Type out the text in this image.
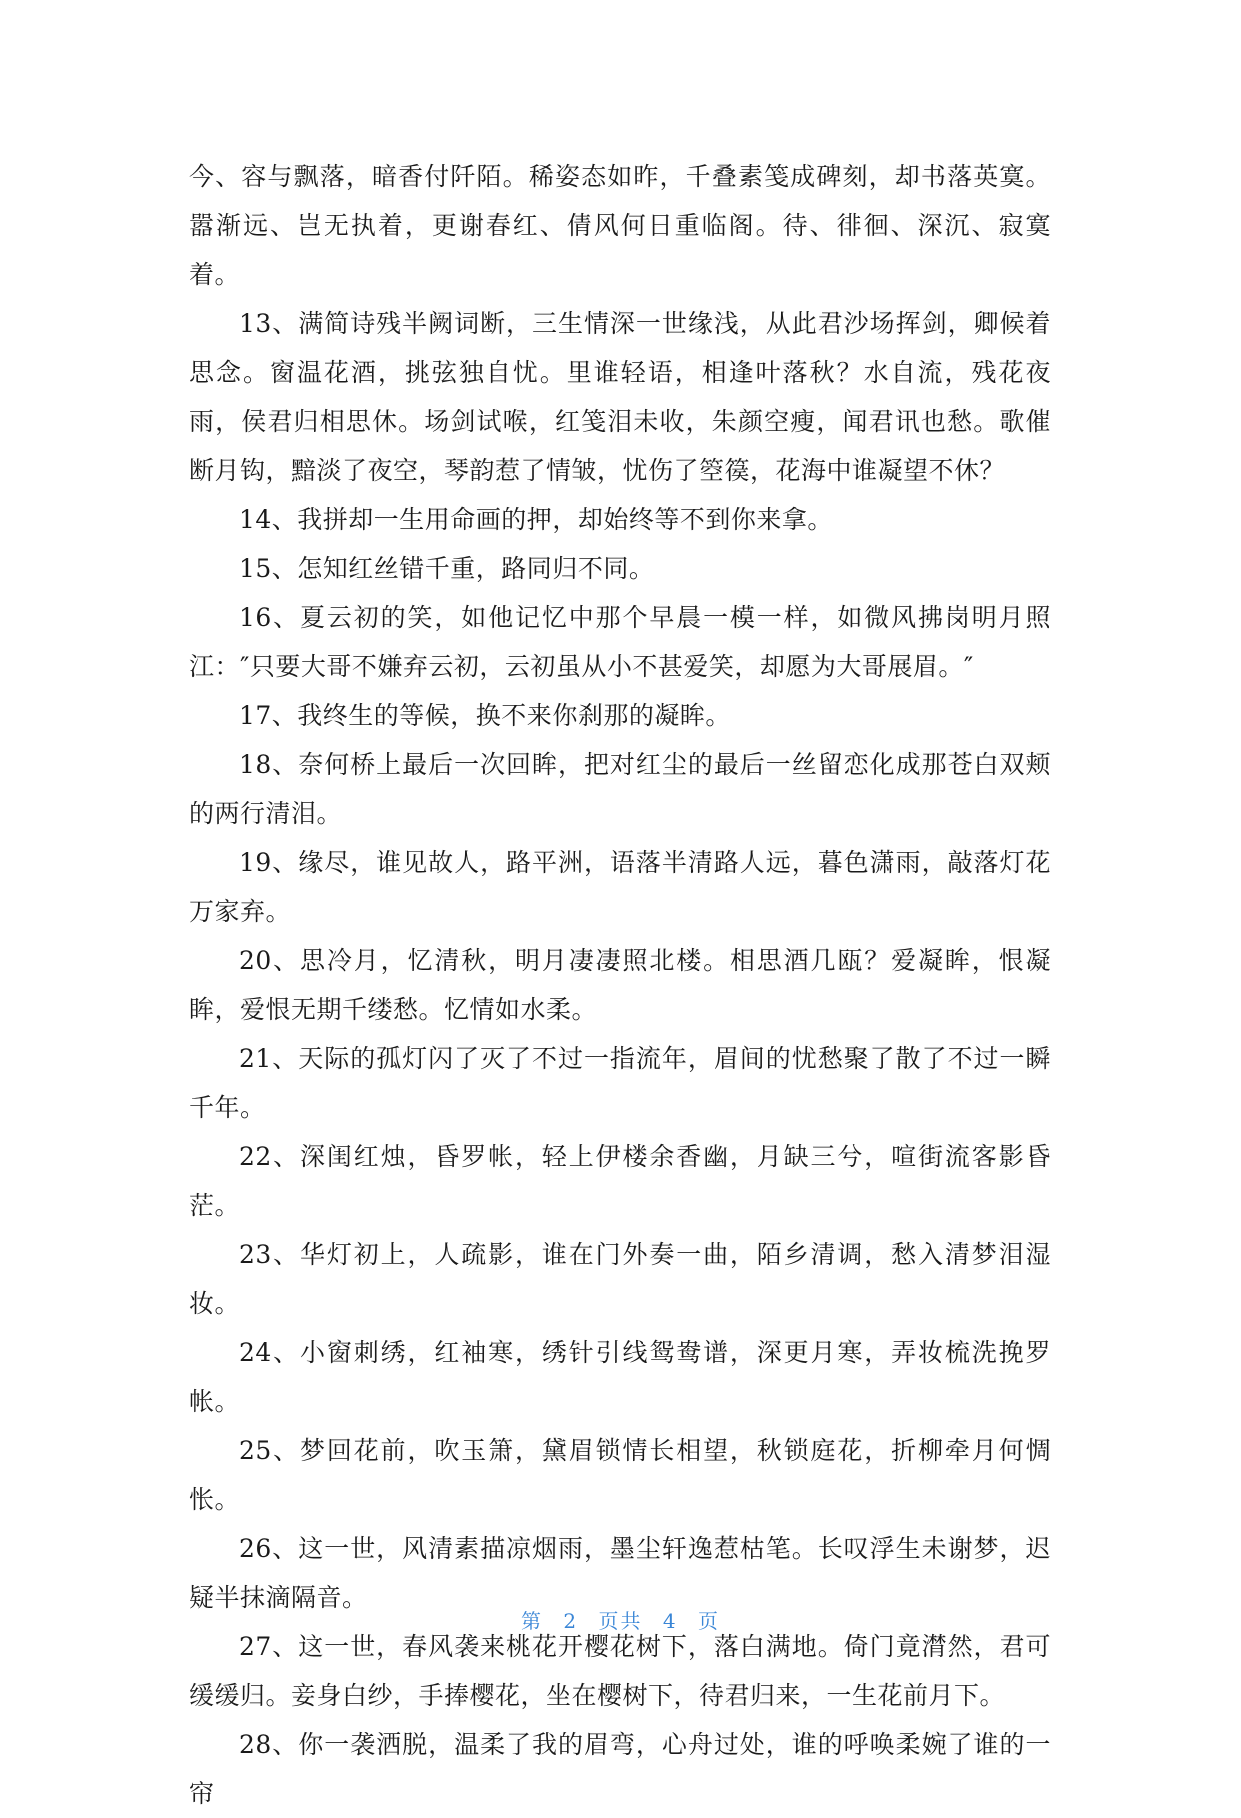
今、容与飘落，暗香付阡陌。稀姿态如昨，千叠素笺成碑刻，却书落英寞。嚣渐远、岂无执着，更谢春红、倩风何日重临阁。待、徘徊、深沉、寂寞着。

13、满简诗残半阙词断，三生情深一世缘浅，从此君沙场挥剑，卿候着思念。窗温花酒，挑弦独自忧。里谁轻语，相逢叶落秋？水自流，残花夜雨，侯君归相思休。场剑试喉，红笺泪未收，朱颜空瘦，闻君讯也愁。歌催断月钩，黯淡了夜空，琴韵惹了情皱，忧伤了箜篌，花海中谁凝望不休？

14、我拼却一生用命画的押，却始终等不到你来拿。

15、怎知红丝错千重，路同归不同。

16、夏云初的笑，如他记忆中那个早晨一模一样，如微风拂岗明月照江：″只要大哥不嫌弃云初，云初虽从小不甚爱笑，却愿为大哥展眉。″

17、我终生的等候，换不来你刹那的凝眸。

18、奈何桥上最后一次回眸，把对红尘的最后一丝留恋化成那苍白双颊的两行清泪。

19、缘尽，谁见故人，路平洲，语落半清路人远，暮色潇雨，敲落灯花万家弃。

20、思冷月，忆清秋，明月凄凄照北楼。相思酒几瓯？爱凝眸，恨凝眸，爱恨无期千缕愁。忆情如水柔。

21、天际的孤灯闪了灭了不过一指流年，眉间的忧愁聚了散了不过一瞬千年。

22、深闺红烛，昏罗帐，轻上伊楼余香幽，月缺三兮，喧街流客影昏茫。

23、华灯初上，人疏影，谁在门外奏一曲，陌乡清调，愁入清梦泪湿妆。

24、小窗刺绣，红袖寒，绣针引线鸳鸯谱，深更月寒，弄妆梳洗挽罗帐。

25、梦回花前，吹玉箫，黛眉锁情长相望，秋锁庭花，折柳牵月何惆怅。

26、这一世，风清素描凉烟雨，墨尘轩逸惹枯笔。长叹浮生未谢梦，迟疑半抹滴隔音。

27、这一世，春风袭来桃花开樱花树下，落白满地。倚门竟潸然，君可缓缓归。妾身白纱，手捧樱花，坐在樱树下，待君归来，一生花前月下。

28、你一袭洒脱，温柔了我的眉弯，心舟过处，谁的呼唤柔婉了谁的一帘

第 2 页共 4 页
